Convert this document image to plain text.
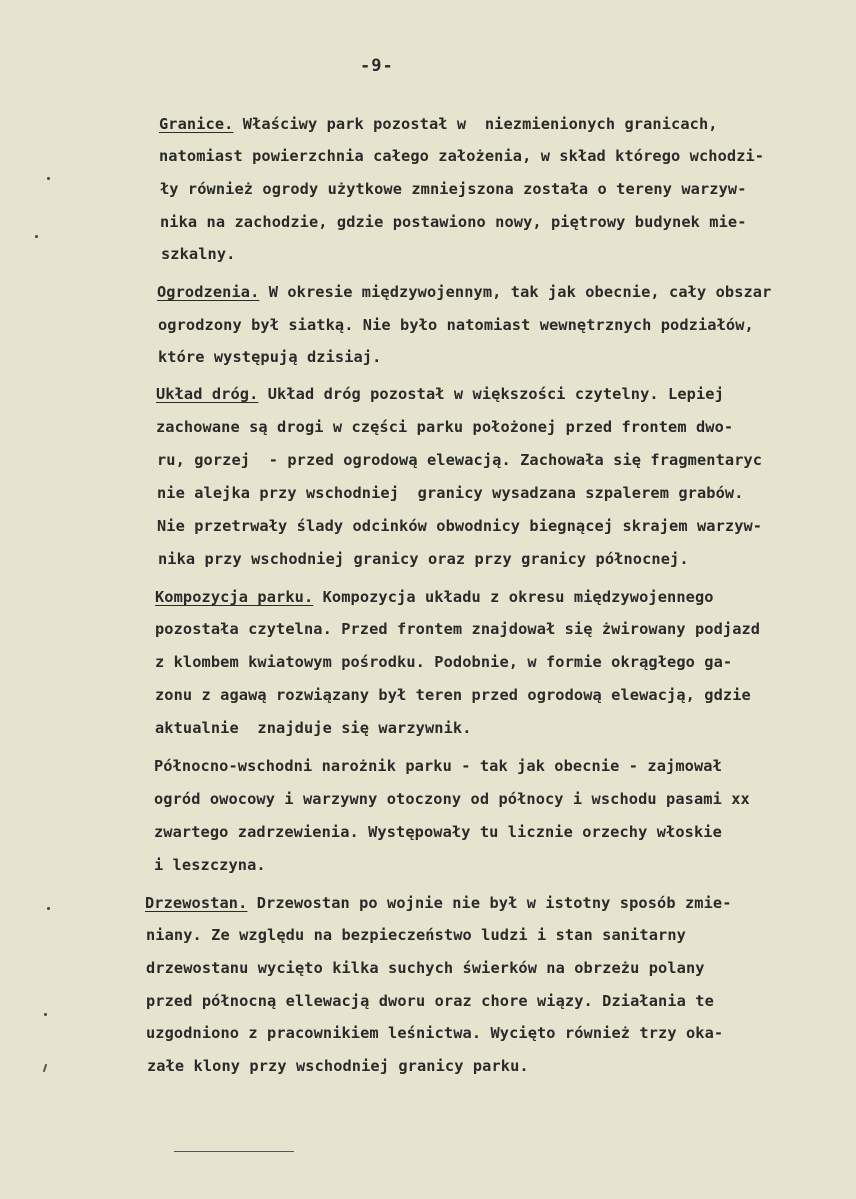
-9-
Granice. Właściwy park pozostał w  niezmienionych granicach,
natomiast powierzchnia całego założenia, w skład którego wchodzi-
ły również ogrody użytkowe zmniejszona została o tereny warzyw-
nika na zachodzie, gdzie postawiono nowy, piętrowy budynek mie-
szkalny.
Ogrodzenia. W okresie międzywojennym, tak jak obecnie, cały obszar
ogrodzony był siatką. Nie było natomiast wewnętrznych podziałów,
które występują dzisiaj.
Układ dróg. Układ dróg pozostał w większości czytelny. Lepiej
zachowane są drogi w części parku położonej przed frontem dwo-
ru, gorzej  - przed ogrodową elewacją. Zachowała się fragmentaryc
nie alejka przy wschodniej  granicy wysadzana szpalerem grabów.
Nie przetrwały ślady odcinków obwodnicy biegnącej skrajem warzyw-
nika przy wschodniej granicy oraz przy granicy północnej.
Kompozycja parku. Kompozycja układu z okresu międzywojennego
pozostała czytelna. Przed frontem znajdował się żwirowany podjazd
z klombem kwiatowym pośrodku. Podobnie, w formie okrągłego ga-
zonu z agawą rozwiązany był teren przed ogrodową elewacją, gdzie
aktualnie  znajduje się warzywnik.
Północno-wschodni narożnik parku - tak jak obecnie - zajmował
ogród owocowy i warzywny otoczony od północy i wschodu pasami xx
zwartego zadrzewienia. Występowały tu licznie orzechy włoskie
i leszczyna.
Drzewostan. Drzewostan po wojnie nie był w istotny sposób zmie-
niany. Ze względu na bezpieczeństwo ludzi i stan sanitarny
drzewostanu wycięto kilka suchych świerków na obrzeżu polany
przed północną ellewacją dworu oraz chore wiązy. Działania te
uzgodniono z pracownikiem leśnictwa. Wycięto również trzy oka-
załe klony przy wschodniej granicy parku.
